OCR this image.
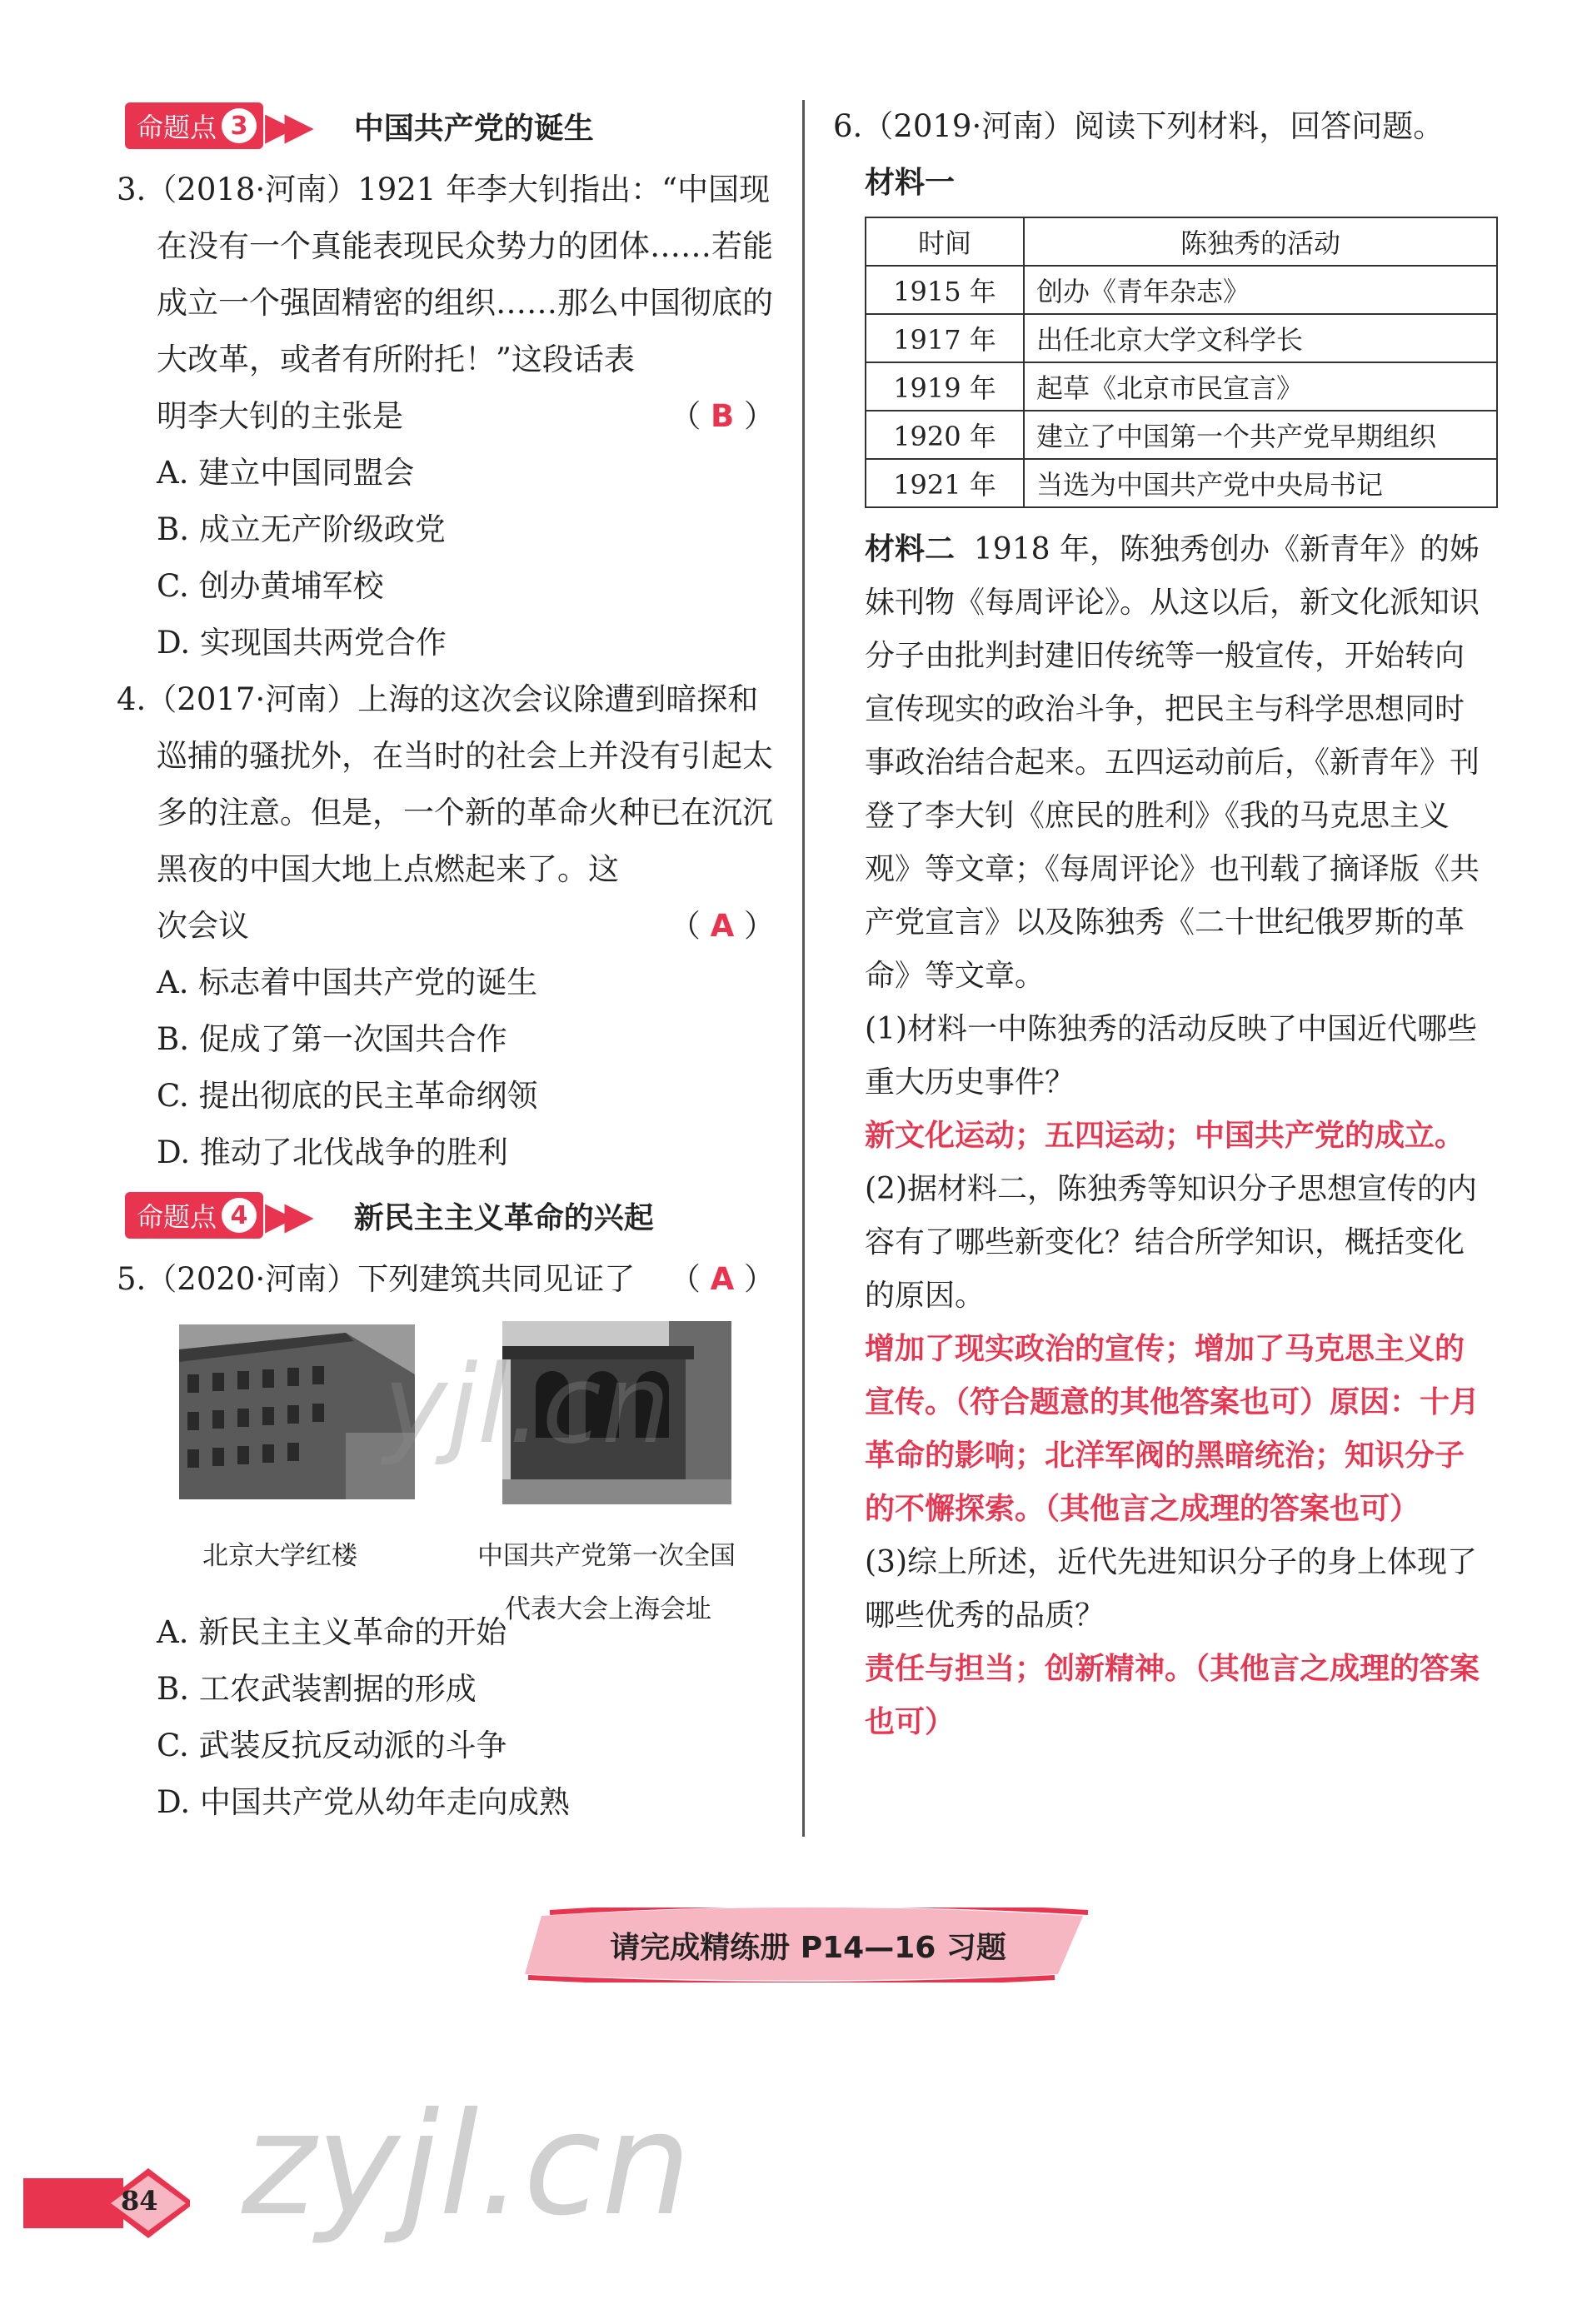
命题点 3 ▶▶ 中国共产党的诞生

3.（2018·河南）1921 年李大钊指出：“中国现在没有一个真能表现民众势力的团体……若能成立一个强固精密的组织……那么中国彻底的大改革，或者有所附托！”这段话表

明李大钊的主张是	（ B ）

A. 建立中国同盟会

B. 成立无产阶级政党

C. 创办黄埔军校

D. 实现国共两党合作

4.（2017·河南）上海的这次会议除遭到暗探和巡捕的骚扰外，在当时的社会上并没有引起太多的注意。但是，一个新的革命火种已在沉沉黑夜的中国大地上点燃起来了。这

次会议	（ A ）

A. 标志着中国共产党的诞生

B. 促成了第一次国共合作

C. 提出彻底的民主革命纲领

D. 推动了北伐战争的胜利

命题点 4 ▶▶ 新民主主义革命的兴起
5.（2020·河南）下列建筑共同见证了 （ A ）
北京大学红楼	中国共产党第一次全国
代表大会上海会址

A. 新民主主义革命的开始

B. 工农武装割据的形成

C. 武装反抗反动派的斗争

D. 中国共产党从幼年走向成熟

6.（2019·河南）阅读下列材料，回答问题。

材料一

时间	陈独秀的活动
1915 年	创办《青年杂志》
1917 年	出任北京大学文科学长
1919 年	起草《北京市民宣言》
1920 年	建立了中国第一个共产党早期组织
1921 年	当选为中国共产党中央局书记

材料二 1918 年，陈独秀创办《新青年》的姊妹刊物《每周评论》。从这以后，新文化派知识分子由批判封建旧传统等一般宣传，开始转向宣传现实的政治斗争，把民主与科学思想同时事政治结合起来。五四运动前后，《新青年》刊登了李大钊《庶民的胜利》《我的马克思主义观》等文章；《每周评论》也刊载了摘译版《共产党宣言》以及陈独秀《二十世纪俄罗斯的革命》等文章。

(1)材料一中陈独秀的活动反映了中国近代哪些重大历史事件？

新文化运动；五四运动；中国共产党的成立。

(2)据材料二，陈独秀等知识分子思想宣传的内容有了哪些新变化？结合所学知识，概括变化的原因。

增加了现实政治的宣传；增加了马克思主义的宣传。（符合题意的其他答案也可）原因：十月革命的影响；北洋军阀的黑暗统治；知识分子的不懈探索。（其他言之成理的答案也可）

(3)综上所述，近代先进知识分子的身上体现了哪些优秀的品质？

责任与担当；创新精神。（其他言之成理的答案也可）

yjl.cn
请完成精练册 P14—16 习题
84 zyjl.cn
